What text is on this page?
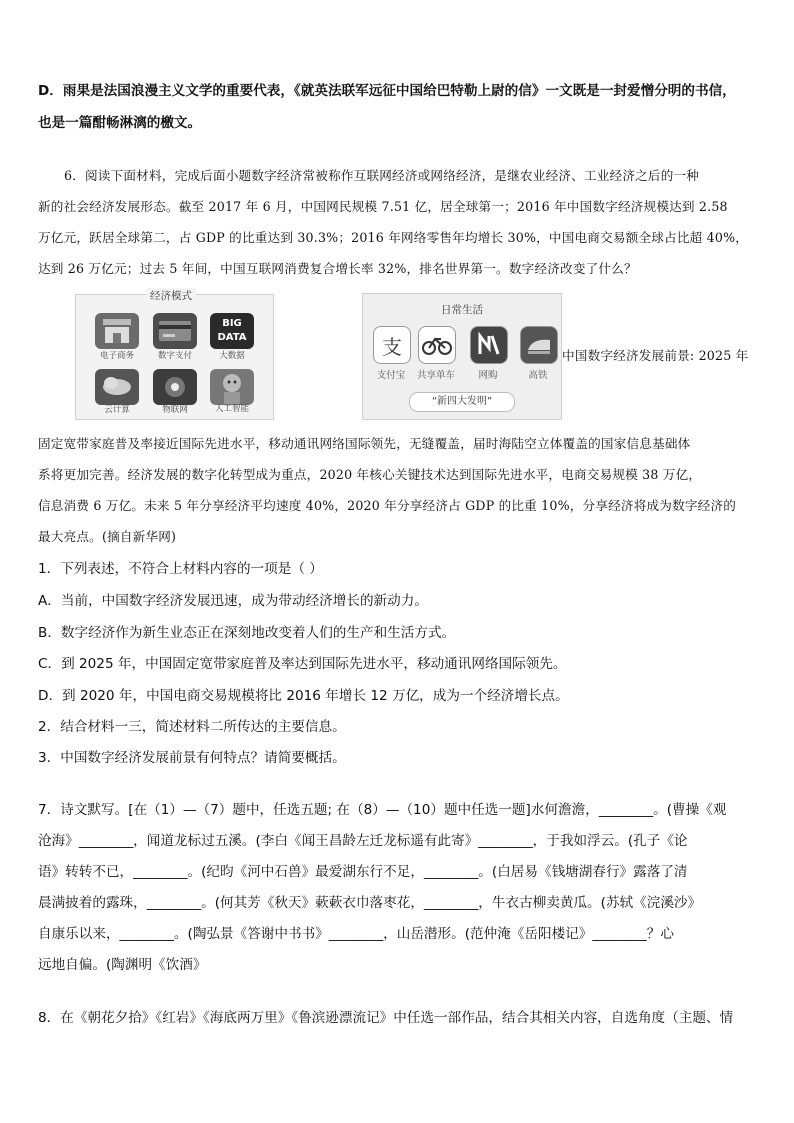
D．雨果是法国浪漫主义文学的重要代表，《就英法联军远征中国给巴特勒上尉的信》一文既是一封爱憎分明的书信，
也是一篇酣畅淋漓的檄文。
6．阅读下面材料，完成后面小题数字经济常被称作互联网经济或网络经济，是继农业经济、工业经济之后的一种
新的社会经济发展形态。截至 2017 年 6 月，中国网民规模 7.51 亿，居全球第一；2016 年中国数字经济规模达到 2.58
万亿元，跃居全球第二，占 GDP 的比重达到 30.3%；2016 年网络零售年均增长 30%，中国电商交易额全球占比超 40%，
达到 26 万亿元；过去 5 年间，中国互联网消费复合增长率 32%，排名世界第一。数字经济改变了什么？
经济模式
电子商务	数字支付
BIG DATA
大数据
云计算	物联网	人工智能
日常生活
支
支付宝	共享单车	网购	高铁
“新四大发明”
中国数字经济发展前景: 2025 年
固定宽带家庭普及率接近国际先进水平，移动通讯网络国际领先，无缝覆盖，届时海陆空立体覆盖的国家信息基础体
系将更加完善。经济发展的数字化转型成为重点，2020 年核心关键技术达到国际先进水平，电商交易规模 38 万亿，
信息消费 6 万亿。未来 5 年分享经济平均速度 40%，2020 年分享经济占 GDP 的比重 10%，分享经济将成为数字经济的
最大亮点。(摘自新华网)
1．下列表述，不符合上材料内容的一项是（ ）
A．当前，中国数字经济发展迅速，成为带动经济增长的新动力。
B．数字经济作为新生业态正在深刻地改变着人们的生产和生活方式。
C．到 2025 年，中国固定宽带家庭普及率达到国际先进水平，移动通讯网络国际领先。
D．到 2020 年，中国电商交易规模将比 2016 年增长 12 万亿，成为一个经济增长点。
2．结合材料一三，简述材料二所传达的主要信息。
3．中国数字经济发展前景有何特点？请简要概括。
7．诗文默写。[在（1）—（7）题中，任选五题; 在（8）—（10）题中任选一题]水何澹澹，________。(曹操《观
沧海》________，闻道龙标过五溪。(李白《闻王昌龄左迁龙标遥有此寄》________，于我如浮云。(孔子《论
语》转转不已，________。(纪昀《河中石兽》最爱湖东行不足，________。(白居易《钱塘湖春行》露落了清
晨满披着的露珠，________。(何其芳《秋天》蔌蔌衣巾落枣花，________，牛衣古柳卖黄瓜。(苏轼《浣溪沙》
自康乐以来，________。(陶弘景《答谢中书书》________，山岳潜形。(范仲淹《岳阳楼记》________？心
远地自偏。(陶渊明《饮酒》
8．在《朝花夕拾》《红岩》《海底两万里》《鲁滨逊漂流记》中任选一部作品，结合其相关内容，自选角度（主题、情
